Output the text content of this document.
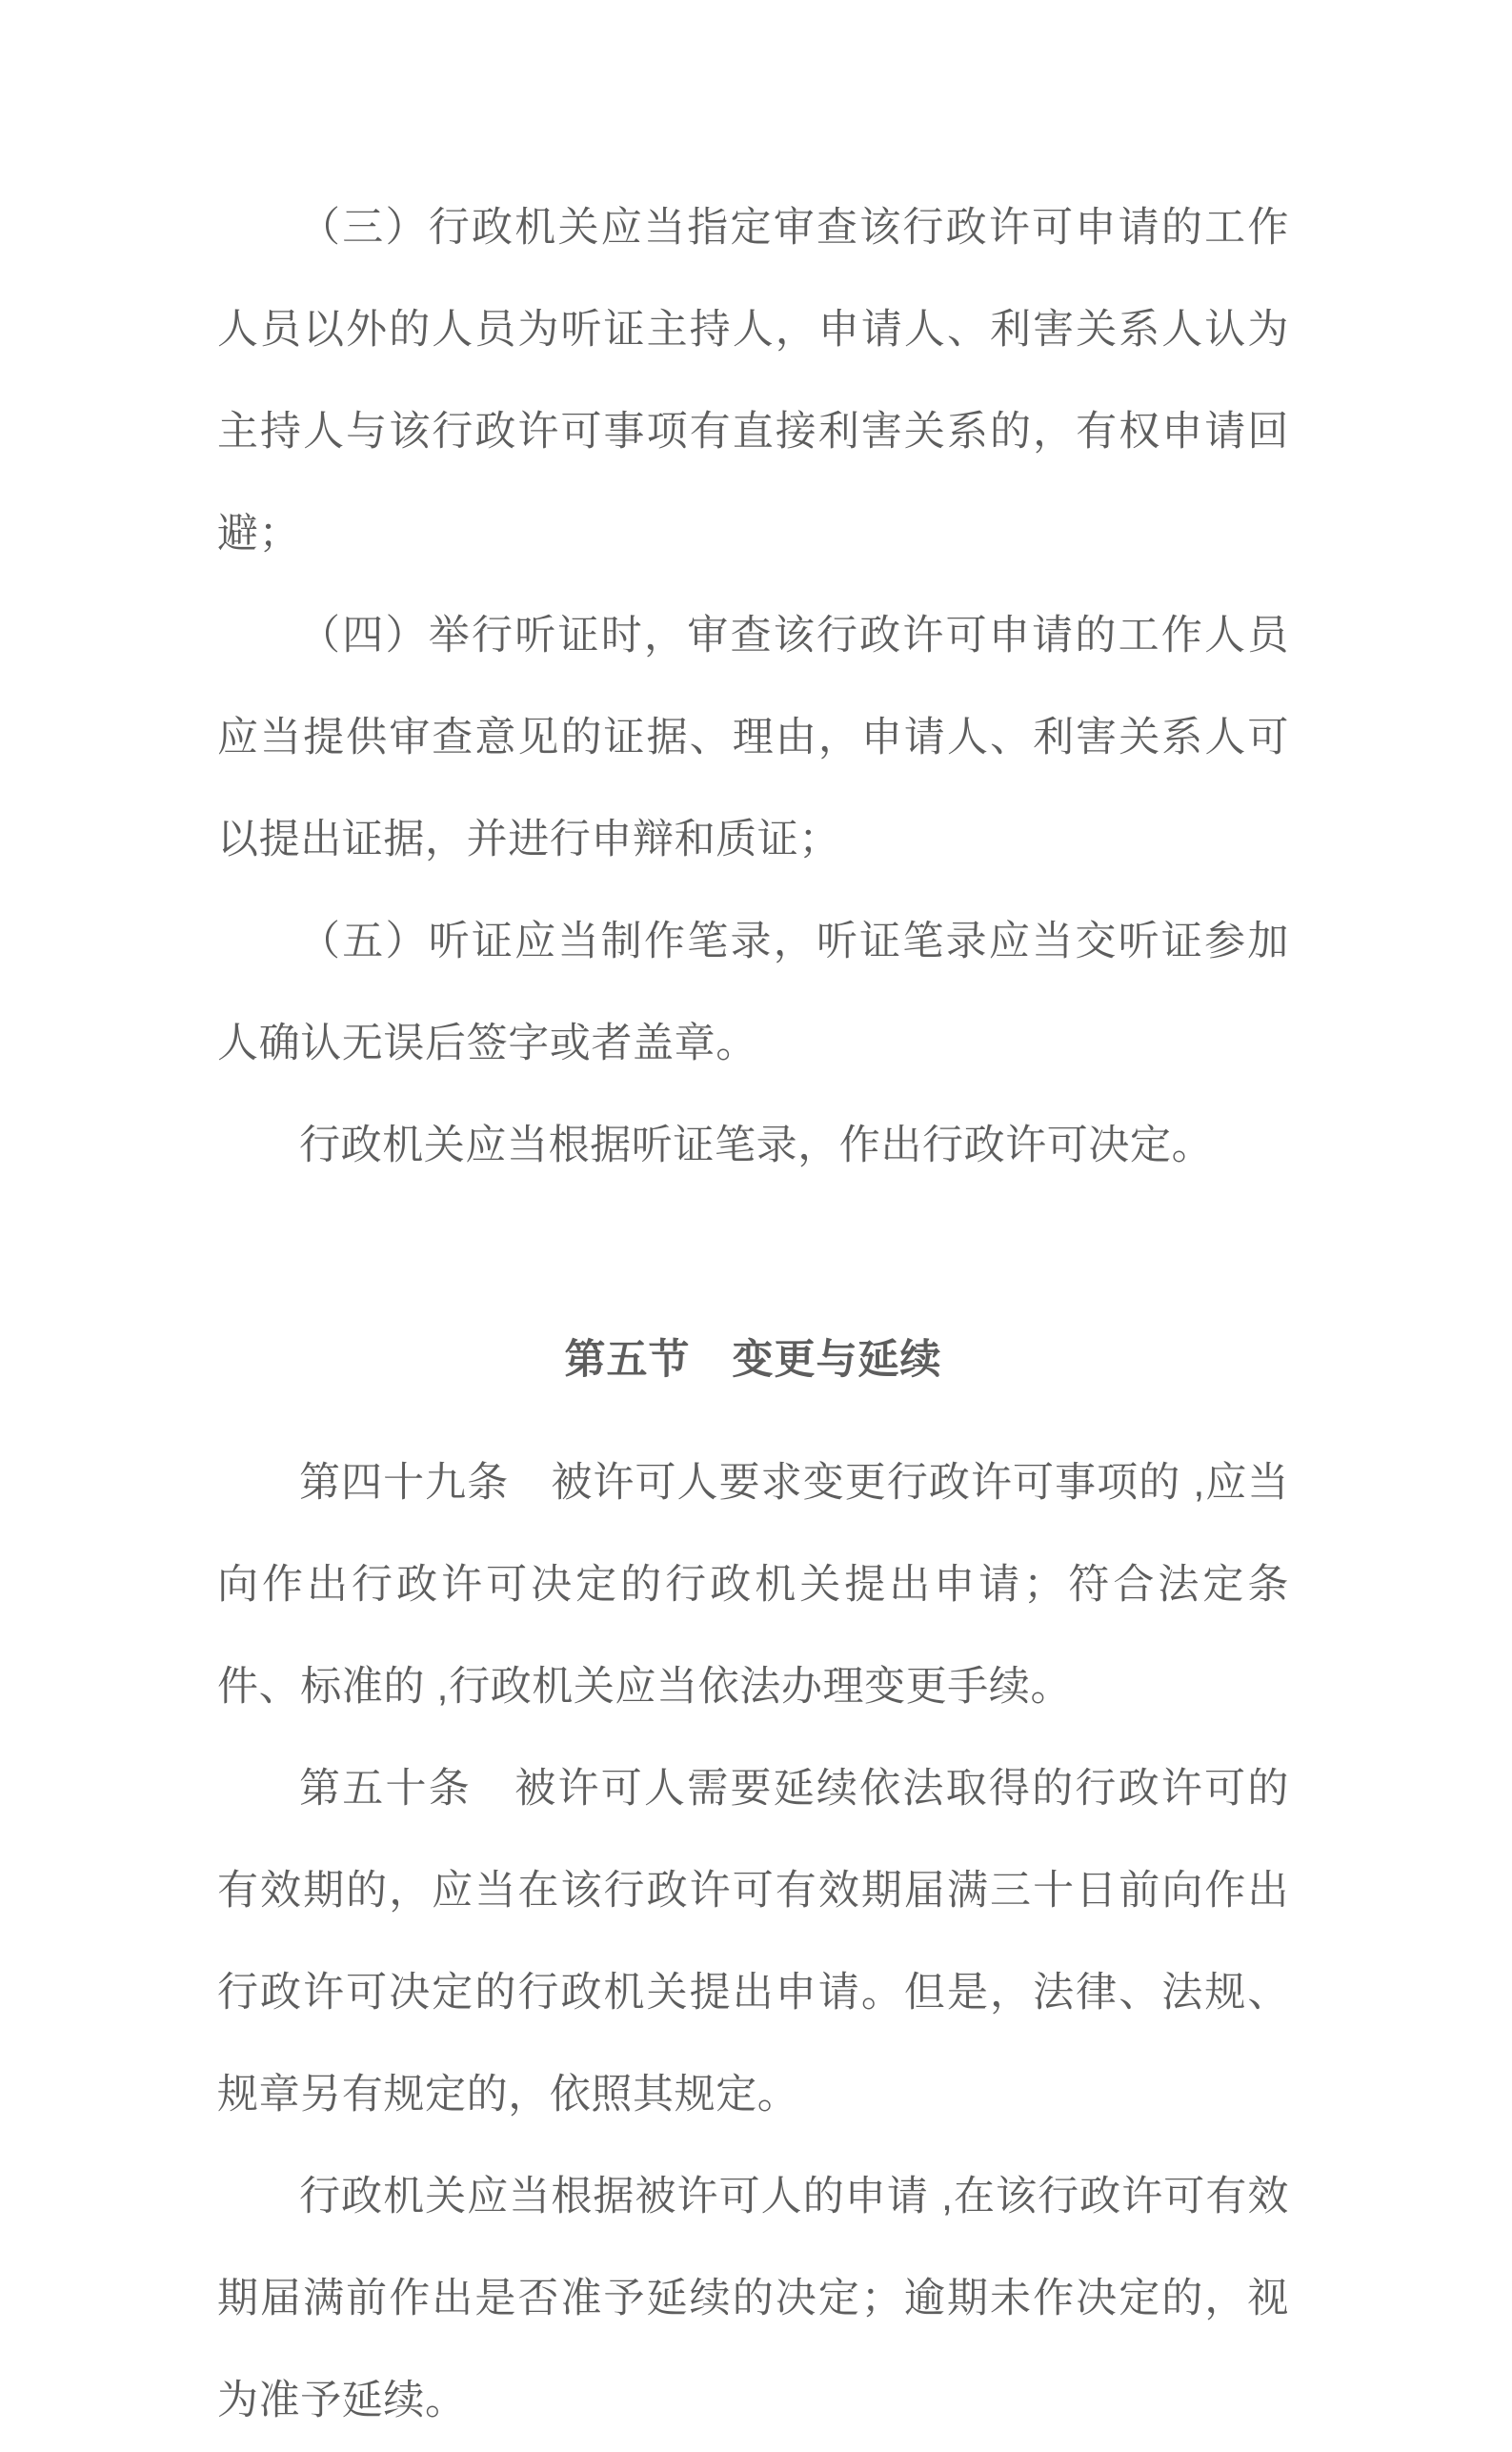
（三）行政机关应当指定审查该行政许可申请的工作人员以外的人员为听证主持人，申请人、利害关系人认为主持人与该行政许可事项有直接利害关系的，有权申请回避；

（四）举行听证时，审查该行政许可申请的工作人员应当提供审查意见的证据、理由，申请人、利害关系人可以提出证据，并进行申辩和质证；

（五）听证应当制作笔录，听证笔录应当交听证参加人确认无误后签字或者盖章。

行政机关应当根据听证笔录，作出行政许可决定。

第五节　变更与延续

第四十九条　被许可人要求变更行政许可事项的 ,应当向作出行政许可决定的行政机关提出申请；符合法定条件、标准的 ,行政机关应当依法办理变更手续。

第五十条　被许可人需要延续依法取得的行政许可的有效期的，应当在该行政许可有效期届满三十日前向作出行政许可决定的行政机关提出申请。但是，法律、法规、规章另有规定的，依照其规定。

行政机关应当根据被许可人的申请 ,在该行政许可有效期届满前作出是否准予延续的决定；逾期未作决定的，视为准予延续。
